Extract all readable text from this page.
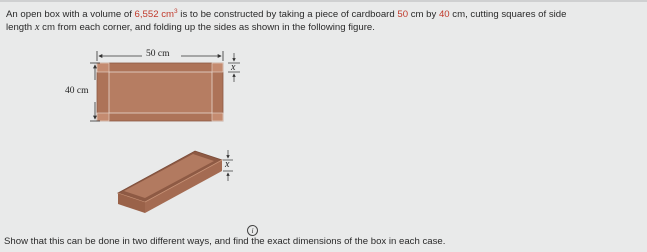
An open box with a volume of 6,552 $cm^3$ is to be constructed by taking a piece of cardboard 50 cm by 40 cm, cutting squares of side
length x cm from each corner, and folding up the sides as shown in the following figure.
50 cm
40 cm
x
x
i
Show that this can be done in two different ways, and find the exact dimensions of the box in each case.
